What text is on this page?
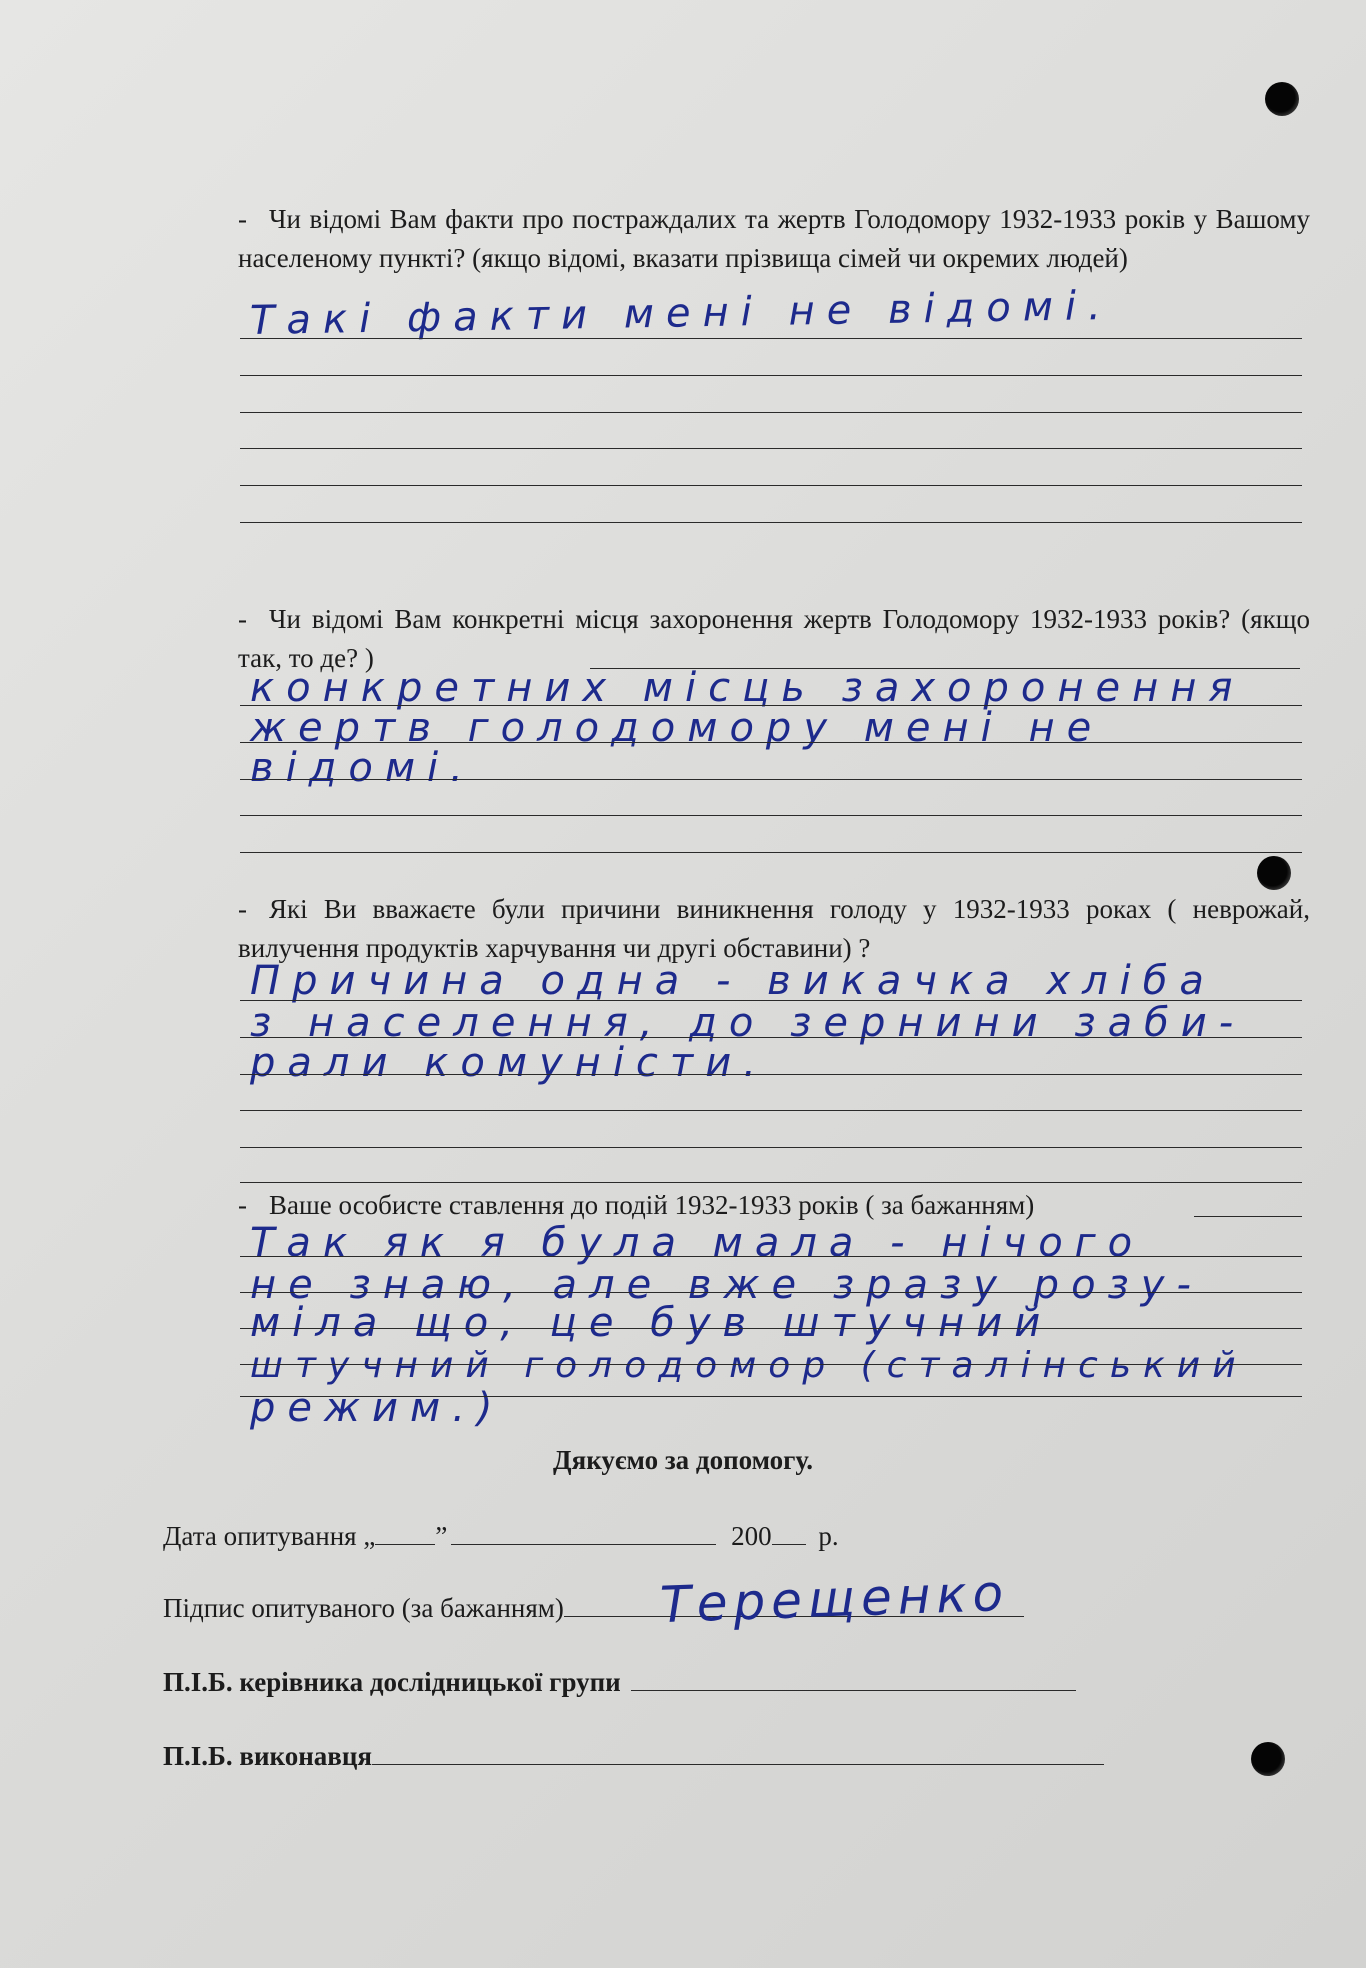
- Чи відомі Вам факти про постраждалих та жертв Голодомору 1932-1933 років у Вашому населеному пункті? (якщо відомі, вказати прізвища сімей чи окремих людей)
Такі факти мені не відомі.
- Чи відомі Вам конкретні місця захоронення жертв Голодомору 1932-1933 років? (якщо так, то де? )
конкретних місць захоронення
жертв голодомору мені не
відомі.
- Які Ви вважаєте були причини виникнення голоду у 1932-1933 роках ( неврожай, вилучення продуктів харчування чи другі обставини) ?
Причина одна - викачка хліба
з населення, до зернини заби-
рали комуністи.
- Ваше особисте ставлення до подій 1932-1933 років ( за бажанням)
Так як я була мала - нічого
не знаю, але вже зразу розу-
міла що, це був штучний
штучний голодомор (сталінський
режим.)
Дякуємо за допомогу.
Дата опитування „ ”	200 р.
Підпис опитуваного (за бажанням)	Терещенко
П.І.Б. керівника дослідницької групи
П.І.Б. виконавця
